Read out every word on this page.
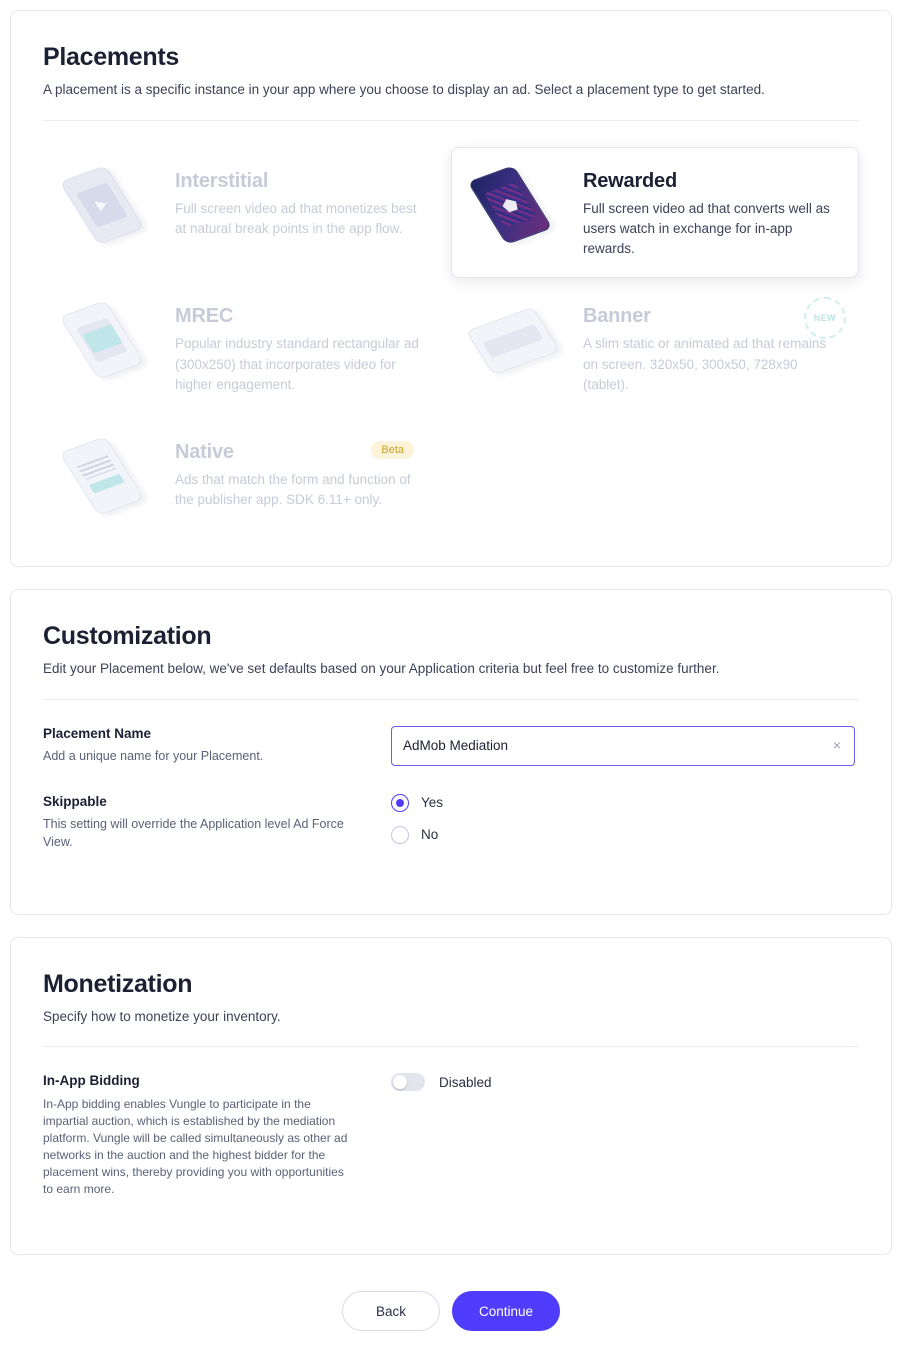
Placements

A placement is a specific instance in your app where you choose to display an ad. Select a placement type to get started.

Interstitial
Full screen video ad that monetizes best at natural break points in the app flow.
Rewarded
Full screen video ad that converts well as users watch in exchange for in-app rewards.
MREC
Popular industry standard rectangular ad (300x250) that incorporates video for higher engagement.
Banner
A slim static or animated ad that remains on screen. 320x50, 300x50, 728x90 (tablet).
NEW
Native
Ads that match the form and function of the publisher app. SDK 6.11+ only.
Beta
Customization

Edit your Placement below, we've set defaults based on your Application criteria but feel free to customize further.

Placement Name
Add a unique name for your Placement.
AdMob Mediation
×
Skippable
This setting will override the Application level Ad Force View.
Yes
No
Monetization

Specify how to monetize your inventory.

In-App Bidding
In-App bidding enables Vungle to participate in the impartial auction, which is established by the mediation platform. Vungle will be called simultaneously as other ad networks in the auction and the highest bidder for the placement wins, thereby providing you with opportunities to earn more.
Disabled
Back	Continue
